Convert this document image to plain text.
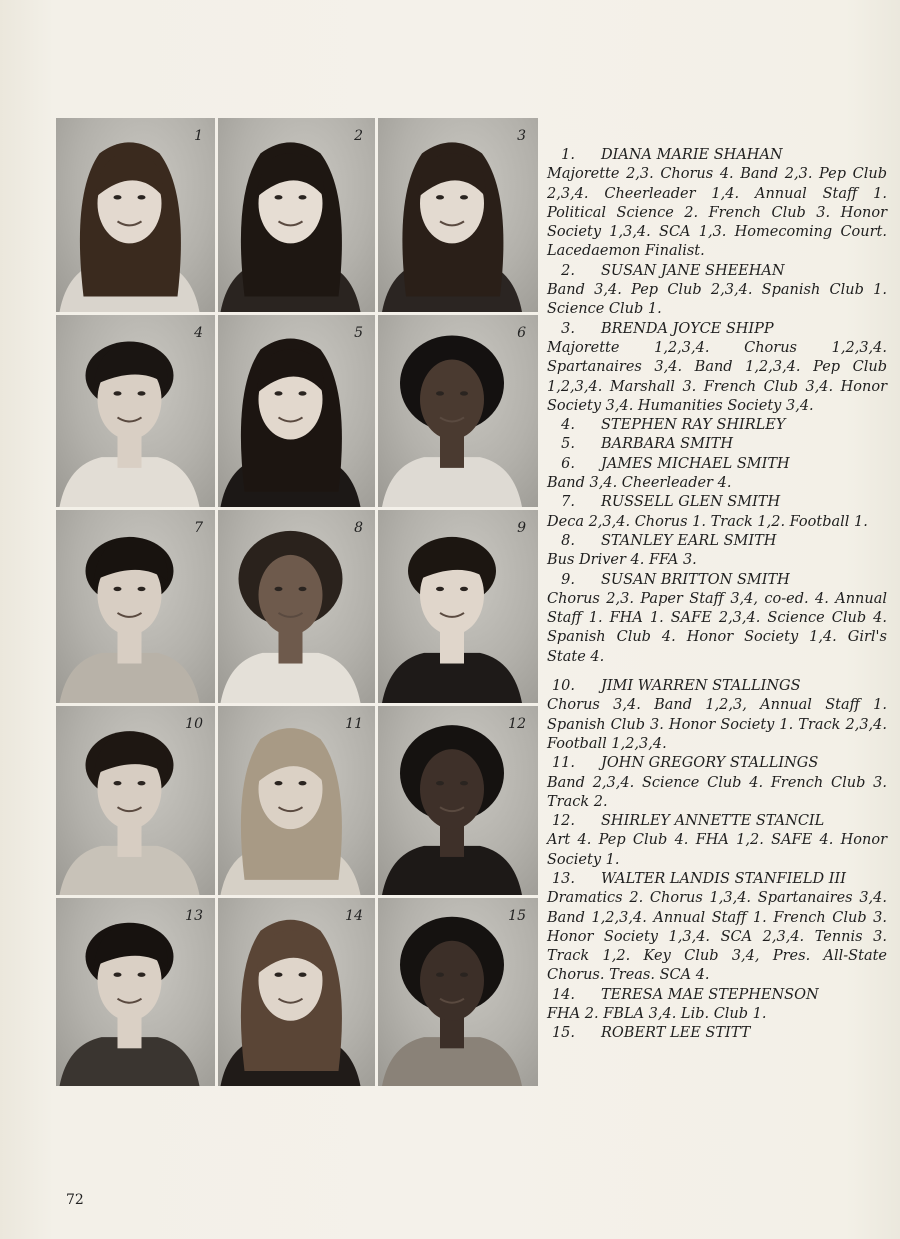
1	2	3
4	5	6
7	8	9
10	11	12
13	14	15
1. DIANA MARIE SHAHAN
Majorette 2,3. Chorus 4. Band 2,3. Pep Club 2,3,4. Cheerleader 1,4. Annual Staff 1. Political Science 2. French Club 3. Honor Society 1,3,4. SCA 1,3. Homecoming Court. Lacedaemon Finalist.
2. SUSAN JANE SHEEHAN
Band 3,4. Pep Club 2,3,4. Spanish Club 1. Science Club 1.
3. BRENDA JOYCE SHIPP
Majorette 1,2,3,4. Chorus 1,2,3,4. Spartanaires 3,4. Band 1,2,3,4. Pep Club 1,2,3,4. Marshall 3. French Club 3,4. Honor Society 3,4. Humanities Society 3,4.
4. STEPHEN RAY SHIRLEY
5. BARBARA SMITH
6. JAMES MICHAEL SMITH
Band 3,4. Cheerleader 4.
7. RUSSELL GLEN SMITH
Deca 2,3,4. Chorus 1. Track 1,2. Football 1.
8. STANLEY EARL SMITH
Bus Driver 4. FFA 3.
9. SUSAN BRITTON SMITH
Chorus 2,3. Paper Staff 3,4, co-ed. 4. Annual Staff 1. FHA 1. SAFE 2,3,4. Science Club 4. Spanish Club 4. Honor Society 1,4. Girl's State 4.
10. JIMI WARREN STALLINGS
Chorus 3,4. Band 1,2,3, Annual Staff 1. Spanish Club 3. Honor Society 1. Track 2,3,4. Football 1,2,3,4.
11. JOHN GREGORY STALLINGS
Band 2,3,4. Science Club 4. French Club 3. Track 2.
12. SHIRLEY ANNETTE STANCIL
Art 4. Pep Club 4. FHA 1,2. SAFE 4. Honor Society 1.
13. WALTER LANDIS STANFIELD III
Dramatics 2. Chorus 1,3,4. Spartanaires 3,4. Band 1,2,3,4. Annual Staff 1. French Club 3. Honor Society 1,3,4. SCA 2,3,4. Tennis 3. Track 1,2. Key Club 3,4, Pres. All-State Chorus. Treas. SCA 4.
14. TERESA MAE STEPHENSON
FHA 2. FBLA 3,4. Lib. Club 1.
15. ROBERT LEE STITT
72
